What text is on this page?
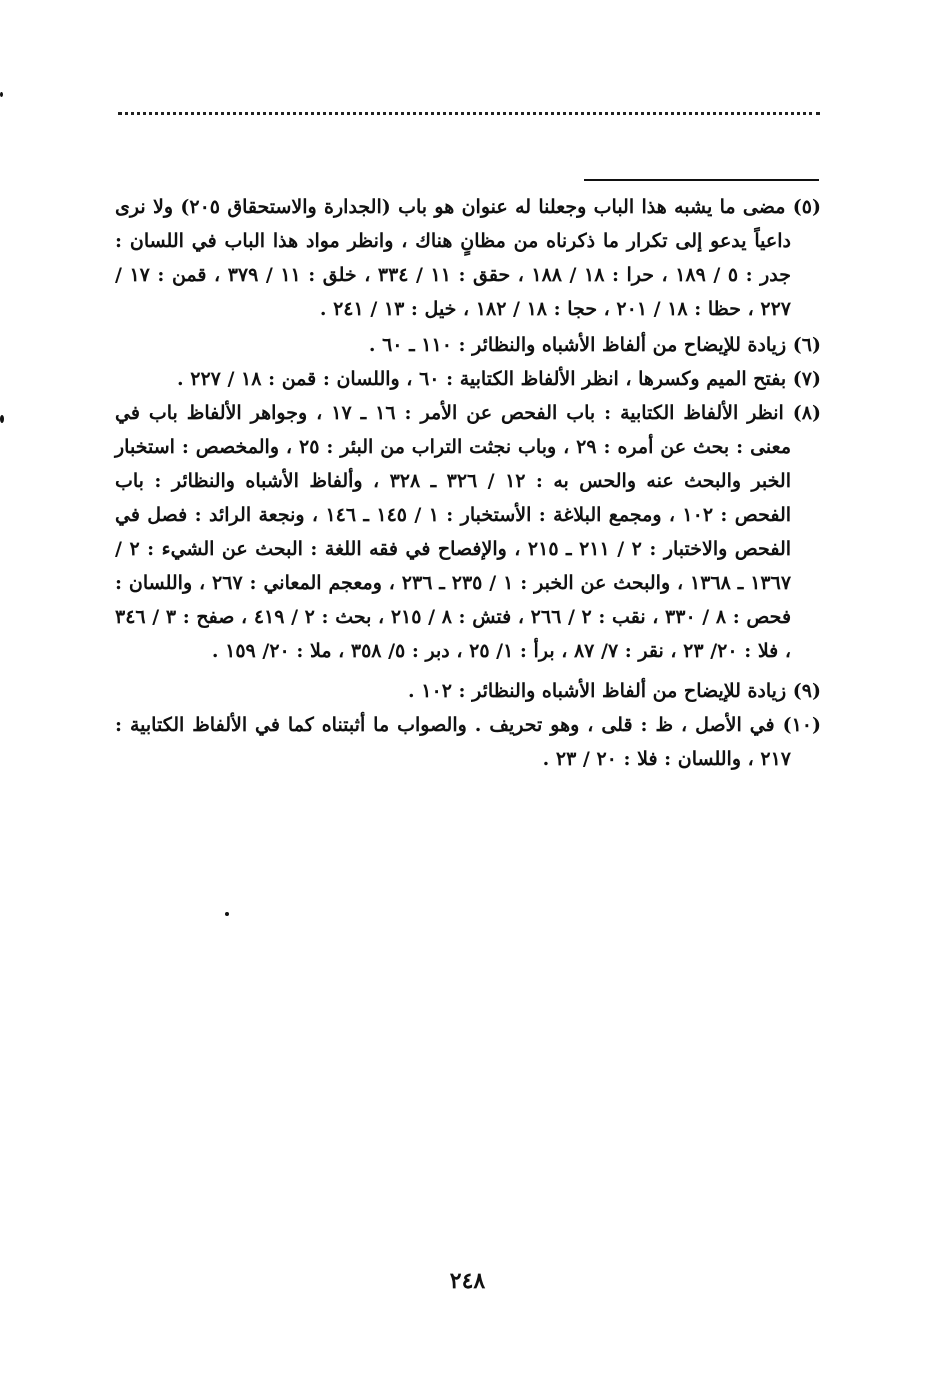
(٥) مضى ما يشبه هذا الباب وجعلنا له عنوان هو باب (الجدارة والاستحقاق ٢٠٥) ولا نرى داعياً يدعو إلى تكرار ما ذكرناه من مظانٍ هناك ، وانظر مواد هذا الباب في اللسان : جدر : ٥ / ١٨٩ ، حرا : ١٨ / ١٨٨ ، حقق : ١١ / ٣٣٤ ، خلق : ١١ / ٣٧٩ ، قمن : ١٧ / ٢٢٧ ، حظا : ١٨ / ٢٠١ ، حجا : ١٨ / ١٨٢ ، خيل : ١٣ / ٢٤١ .

(٦) زيادة للإيضاح من ألفاظ الأشباه والنظائر : ١١٠ ـ ٦٠ .

(٧) بفتح الميم وكسرها ، انظر الألفاظ الكتابية : ٦٠ ، واللسان : قمن : ١٨ / ٢٢٧ .

(٨) انظر الألفاظ الكتابية : باب الفحص عن الأمر : ١٦ ـ ١٧ ، وجواهر الألفاظ باب في معنى : بحث عن أمره : ٢٩ ، وباب نجثت التراب من البئر : ٢٥ ، والمخصص : استخبار الخبر والبحث عنه والحس به : ١٢ / ٣٢٦ ـ ٣٢٨ ، وألفاظ الأشباه والنظائر : باب الفحص : ١٠٢ ، ومجمع البلاغة : الأستخبار : ١ / ١٤٥ ـ ١٤٦ ، ونجعة الرائد : فصل في الفحص والاختبار : ٢ / ٢١١ ـ ٢١٥ ، والإفصاح في فقه اللغة : البحث عن الشيء : ٢ / ١٣٦٧ ـ ١٣٦٨ ، والبحث عن الخبر : ١ / ٢٣٥ ـ ٢٣٦ ، ومعجم المعاني : ٢٦٧ ، واللسان : فحص : ٨ / ٣٣٠ ، نقب : ٢ / ٢٦٦ ، فتش : ٨ / ٢١٥ ، بحث : ٢ / ٤١٩ ، صفح : ٣ / ٣٤٦ ، فلا : ٢٠/ ٢٣ ، نقر : ٧/ ٨٧ ، برأ : ١/ ٢٥ ، دبر : ٥/ ٣٥٨ ، ملا : ٢٠/ ١٥٩ .

(٩) زيادة للإيضاح من ألفاظ الأشباه والنظائر : ١٠٢ .

(١٠) في الأصل ، ظ : قلى ، وهو تحريف . والصواب ما أثبتناه كما في الألفاظ الكتابية : ٢١٧ ، واللسان : فلا : ٢٠ / ٢٣ .

٢٤٨
